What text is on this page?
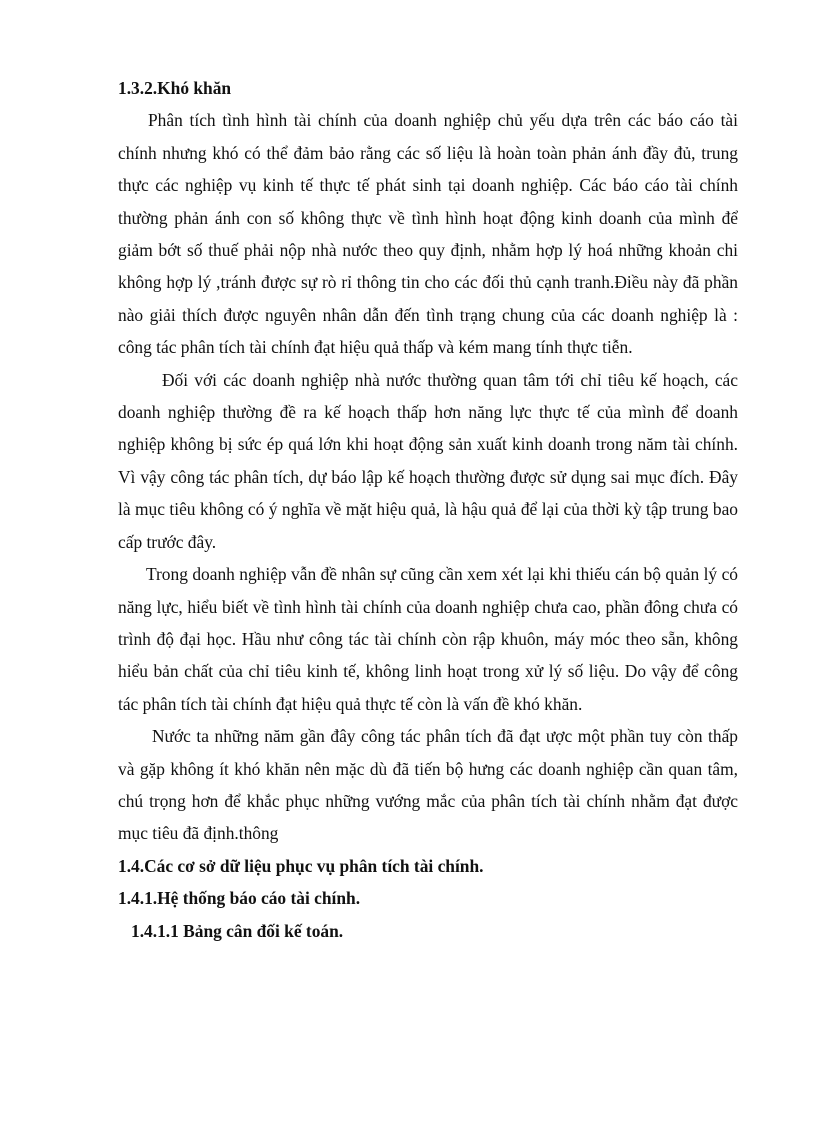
1.3.2.Khó khăn

Phân tích tình hình tài chính của doanh nghiệp chủ yếu dựa trên các báo cáo tài chính nhưng khó có thể đảm bảo rằng các số liệu là hoàn toàn phản ánh đầy đủ, trung thực các nghiệp vụ kinh tế thực tế phát sinh tại doanh nghiệp. Các báo cáo tài chính thường phản ánh con số không thực về tình hình hoạt động kinh doanh của mình để giảm bớt số thuế phải nộp nhà nước theo quy định, nhằm hợp lý hoá những khoản chi không hợp lý ,tránh được sự rò rỉ thông tin cho các đối thủ cạnh tranh.Điều này đã phần nào giải thích được nguyên nhân dẫn đến tình trạng chung của các doanh nghiệp là : công tác phân tích tài chính đạt hiệu quả thấp và kém mang tính thực tiễn.

Đối với các doanh nghiệp nhà nước thường quan tâm tới chỉ tiêu kế hoạch, các doanh nghiệp thường đề ra kế hoạch thấp hơn năng lực thực tế của mình để doanh nghiệp không bị sức ép quá lớn khi hoạt động sản xuất kinh doanh trong năm tài chính. Vì vậy công tác phân tích, dự báo lập kế hoạch thường được sử dụng sai mục đích. Đây là mục tiêu không có ý nghĩa về mặt hiệu quả, là hậu quả để lại của thời kỳ tập trung bao cấp trước đây.

Trong doanh nghiệp vẫn đề nhân sự cũng cần xem xét lại khi thiếu cán bộ quản lý có năng lực, hiểu biết về tình hình tài chính của doanh nghiệp chưa cao, phần đông chưa có trình độ đại học. Hầu như công tác tài chính còn rập khuôn, máy móc theo sẵn, không hiểu bản chất của chỉ tiêu kinh tế, không linh hoạt trong xử lý số liệu. Do vậy để công tác phân tích tài chính đạt hiệu quả thực tế còn là vấn đề khó khăn.

Nước ta những năm gần đây công tác phân tích đã đạt ược một phần tuy còn thấp và gặp không ít khó khăn nên mặc dù đã tiến bộ hưng các doanh nghiệp cần quan tâm, chú trọng hơn để khắc phục những vướng mắc của phân tích tài chính nhằm đạt được mục tiêu đã định.thông

1.4.Các cơ sở dữ liệu phục vụ phân tích tài chính.

1.4.1.Hệ thống báo cáo tài chính.

1.4.1.1 Bảng cân đối kế toán.
